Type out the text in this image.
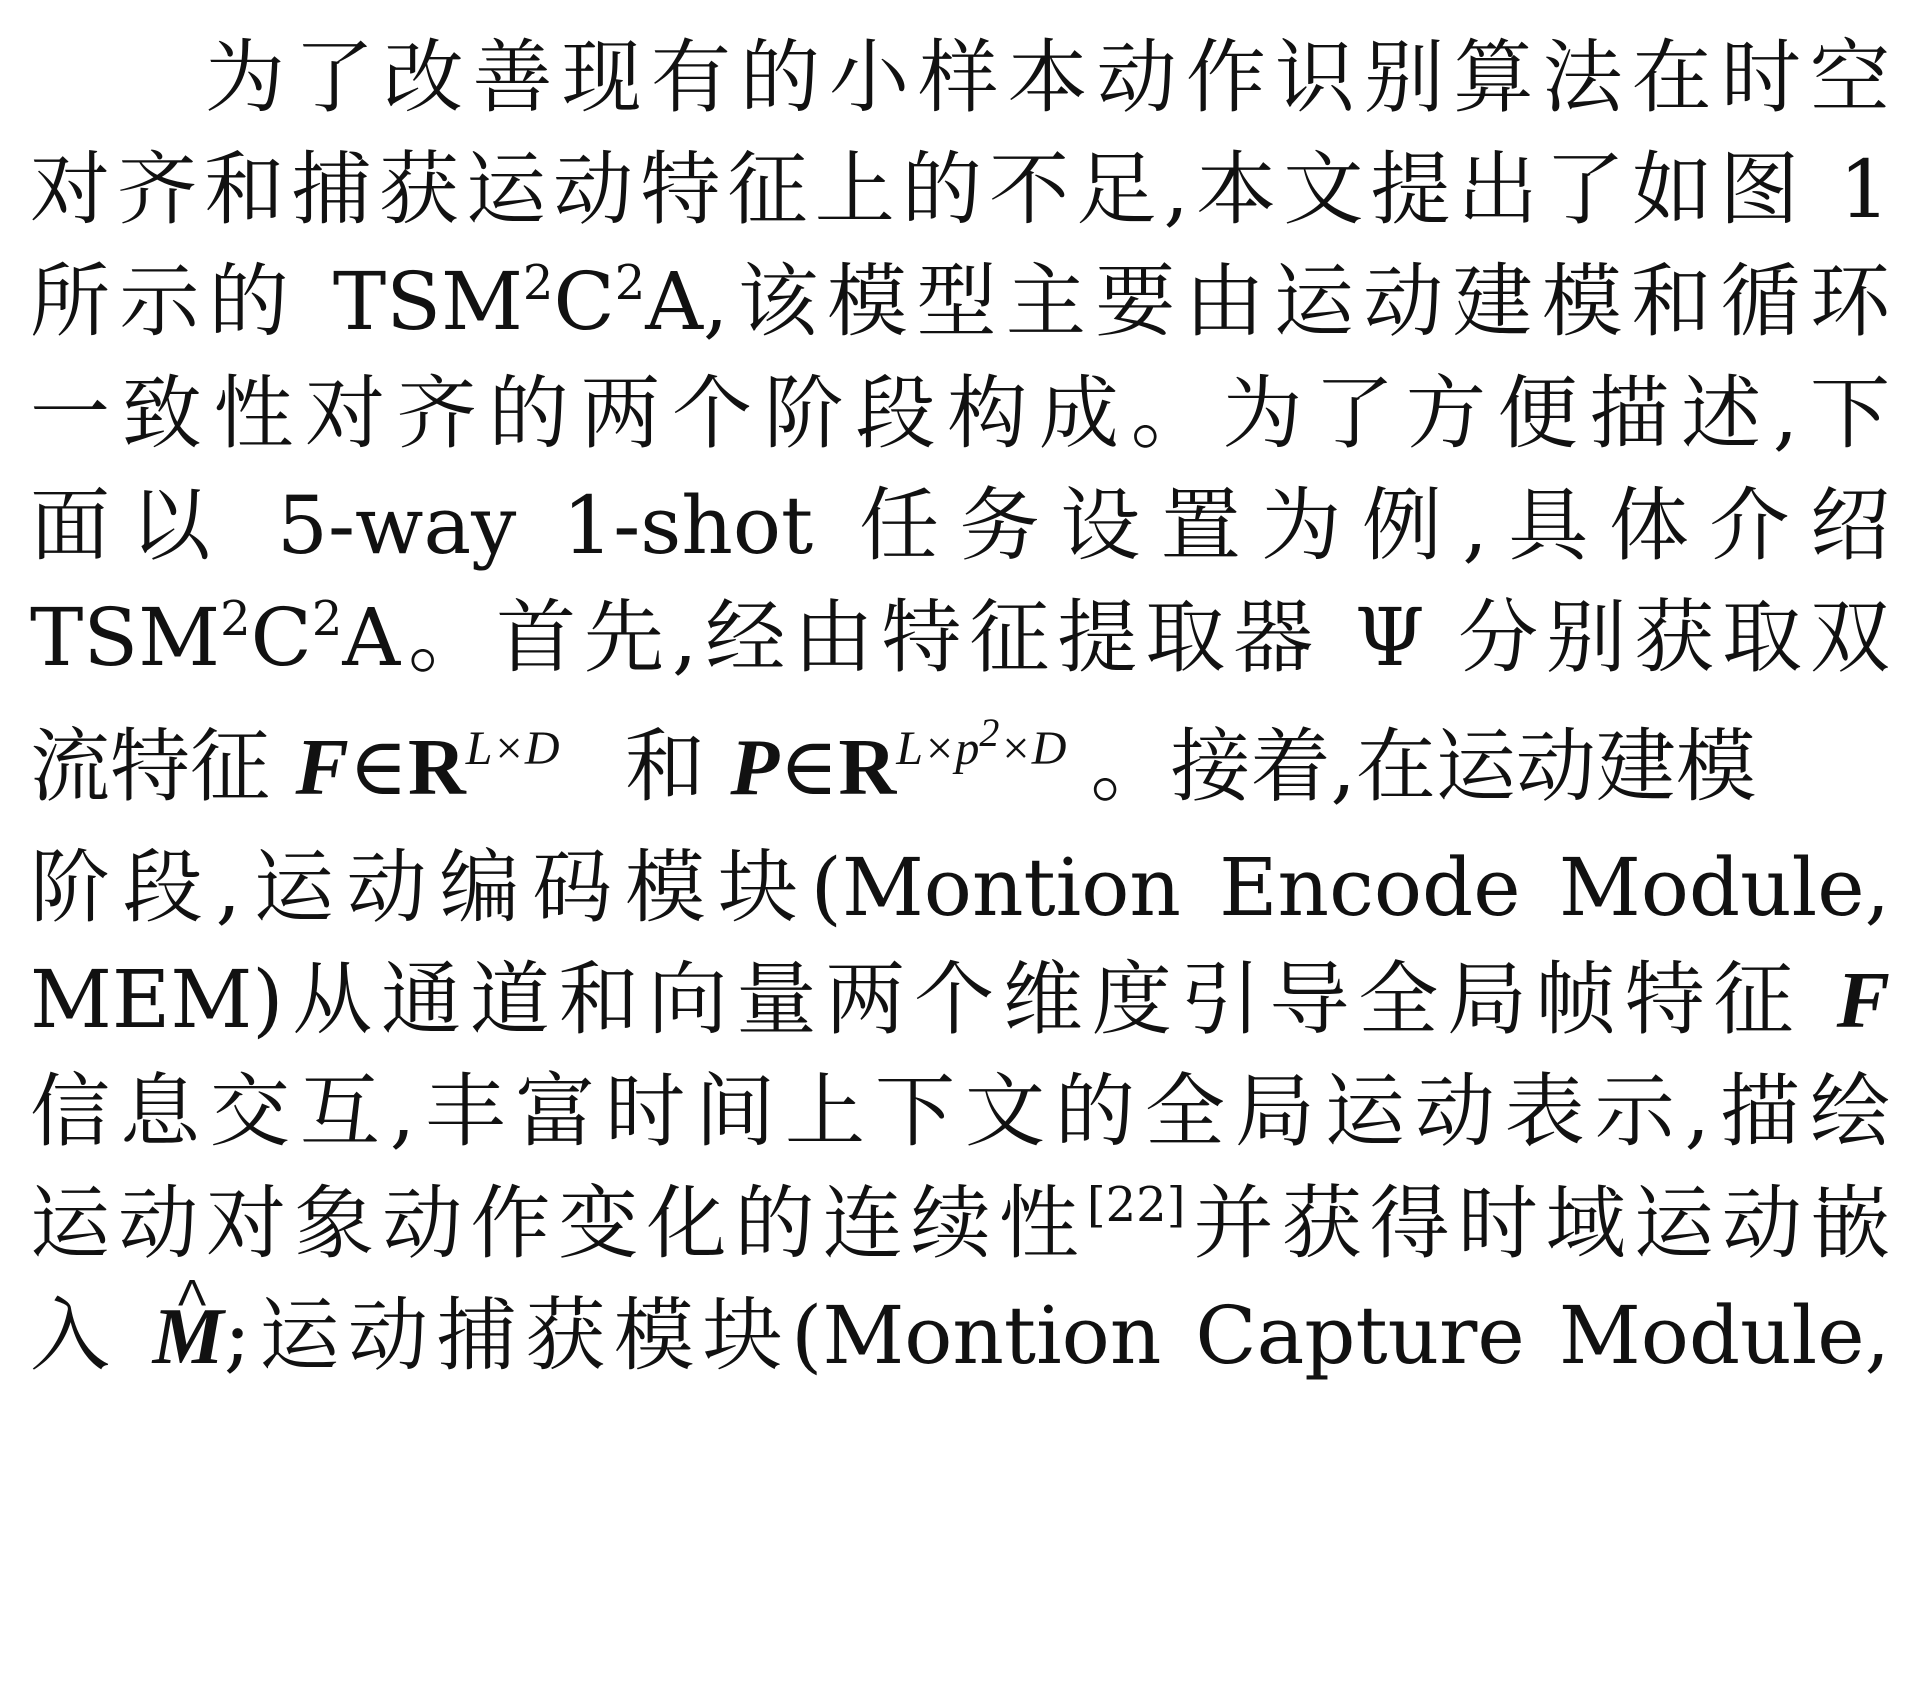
为了改善现有的小样本动作识别算法在时空
对齐和捕获运动特征上的不足,本文提出了如图 1
所示的 $TSM^2C^2A$,该模型主要由运动建模和循环
一致性对齐的两个阶段构成。为了方便描述,下
面以 5-way 1-shot 任务设置为例,具体介绍
$TSM^2C^2A$。首先,经由特征提取器 Ψ 分别获取双
流特征 $F\in R^{L\times D}$ 和 $P\in R^{L\times p2\times D}$ 。接着,在运动建模
阶段,运动编码模块(Montion Encode Module,
MEM)从通道和向量两个维度引导全局帧特征 F
信息交互,丰富时间上下文的全局运动表示,描绘
运动对象动作变化的连续性[22]并获得时域运动嵌
入 ^ M;运动捕获模块(Montion Capture Module,
